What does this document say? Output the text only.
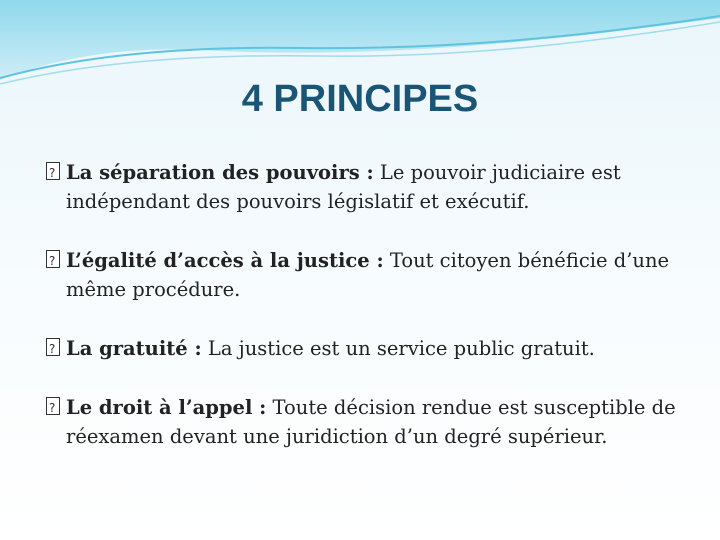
4 PRINCIPES
?
La séparation des pouvoirs : Le pouvoir judiciaire est indépendant des pouvoirs législatif et exécutif.
?
L’égalité d’accès à la justice : Tout citoyen bénéficie d’une même procédure.
?
La gratuité : La justice est un service public gratuit.
?
Le droit à l’appel : Toute décision rendue est susceptible de réexamen devant une juridiction d’un degré supérieur.
